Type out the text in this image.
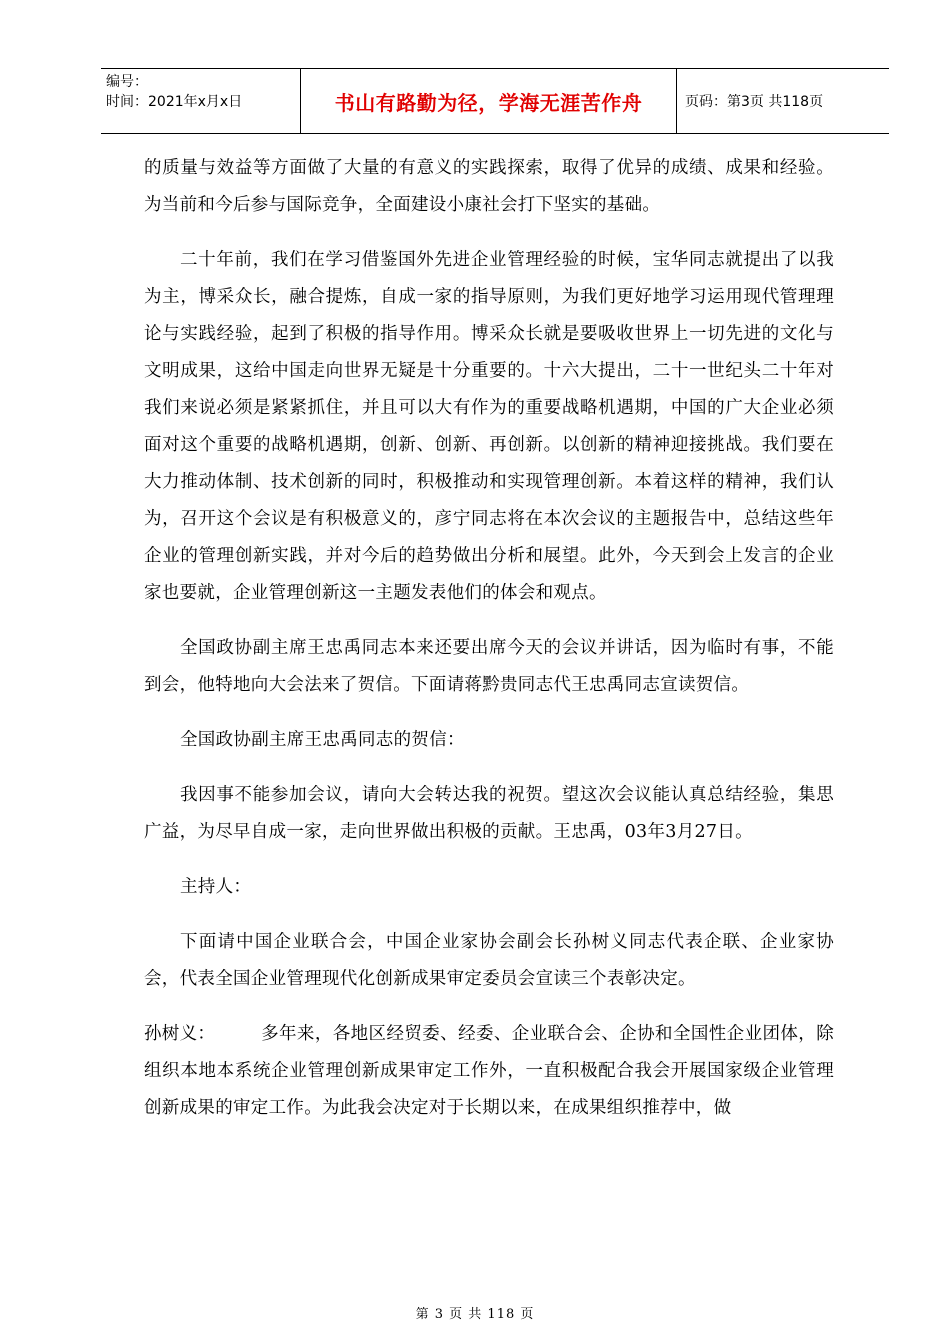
编号：
时间：2021年x月x日	书山有路勤为径，学海无涯苦作舟	页码：第3页 共118页

的质量与效益等方面做了大量的有意义的实践探索，取得了优异的成绩、成果和经验。为当前和今后参与国际竞争，全面建设小康社会打下坚实的基础。

二十年前，我们在学习借鉴国外先进企业管理经验的时候，宝华同志就提出了以我为主，博采众长，融合提炼，自成一家的指导原则，为我们更好地学习运用现代管理理论与实践经验，起到了积极的指导作用。博采众长就是要吸收世界上一切先进的文化与文明成果，这给中国走向世界无疑是十分重要的。十六大提出，二十一世纪头二十年对我们来说必须是紧紧抓住，并且可以大有作为的重要战略机遇期，中国的广大企业必须面对这个重要的战略机遇期，创新、创新、再创新。以创新的精神迎接挑战。我们要在大力推动体制、技术创新的同时，积极推动和实现管理创新。本着这样的精神，我们认为，召开这个会议是有积极意义的，彦宁同志将在本次会议的主题报告中，总结这些年企业的管理创新实践，并对今后的趋势做出分析和展望。此外，今天到会上发言的企业家也要就，企业管理创新这一主题发表他们的体会和观点。

全国政协副主席王忠禹同志本来还要出席今天的会议并讲话，因为临时有事，不能到会，他特地向大会法来了贺信。下面请蒋黔贵同志代王忠禹同志宣读贺信。

全国政协副主席王忠禹同志的贺信：

我因事不能参加会议，请向大会转达我的祝贺。望这次会议能认真总结经验，集思广益，为尽早自成一家，走向世界做出积极的贡献。王忠禹，03年3月27日。

主持人：

下面请中国企业联合会，中国企业家协会副会长孙树义同志代表企联、企业家协会，代表全国企业管理现代化创新成果审定委员会宣读三个表彰决定。

孙树义：	多年来，各地区经贸委、经委、企业联合会、企协和全国性企业团体，除组织本地本系统企业管理创新成果审定工作外，一直积极配合我会开展国家级企业管理创新成果的审定工作。为此我会决定对于长期以来，在成果组织推荐中，做

第 3 页 共 118 页
